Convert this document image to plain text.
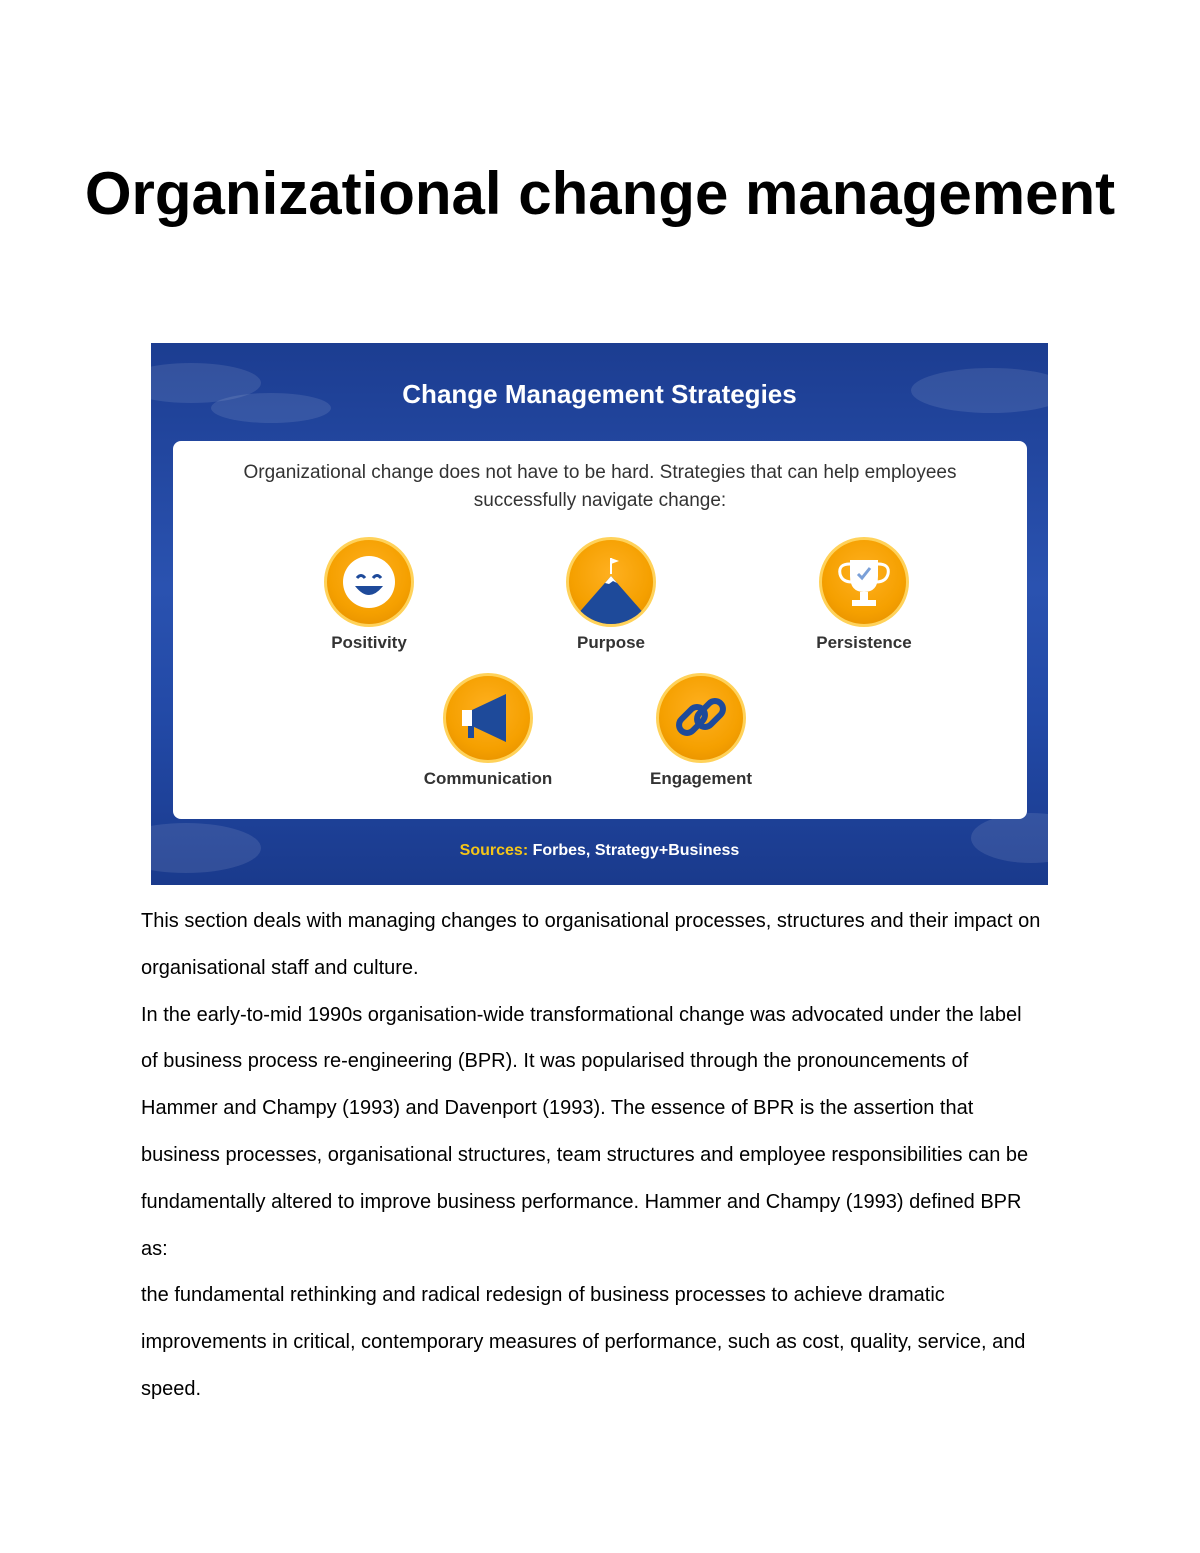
Organizational change management
Change Management Strategies

Organizational change does not have to be hard. Strategies that can help employees successfully navigate change:

Positivity	Purpose	Persistence
Communication	Engagement
Sources: Forbes, Strategy+Business

This section deals with managing changes to organisational processes, structures and their impact on organisational staff and culture.

In the early-to-mid 1990s organisation-wide transformational change was advocated under the label of business process re-engineering (BPR). It was popularised through the pronouncements of Hammer and Champy (1993) and Davenport (1993). The essence of BPR is the assertion that business processes, organisational structures, team structures and employee responsibilities can be fundamentally altered to improve business performance. Hammer and Champy (1993) defined BPR as:

the fundamental rethinking and radical redesign of business processes to achieve dramatic improvements in critical, contemporary measures of performance, such as cost, quality, service, and speed.
